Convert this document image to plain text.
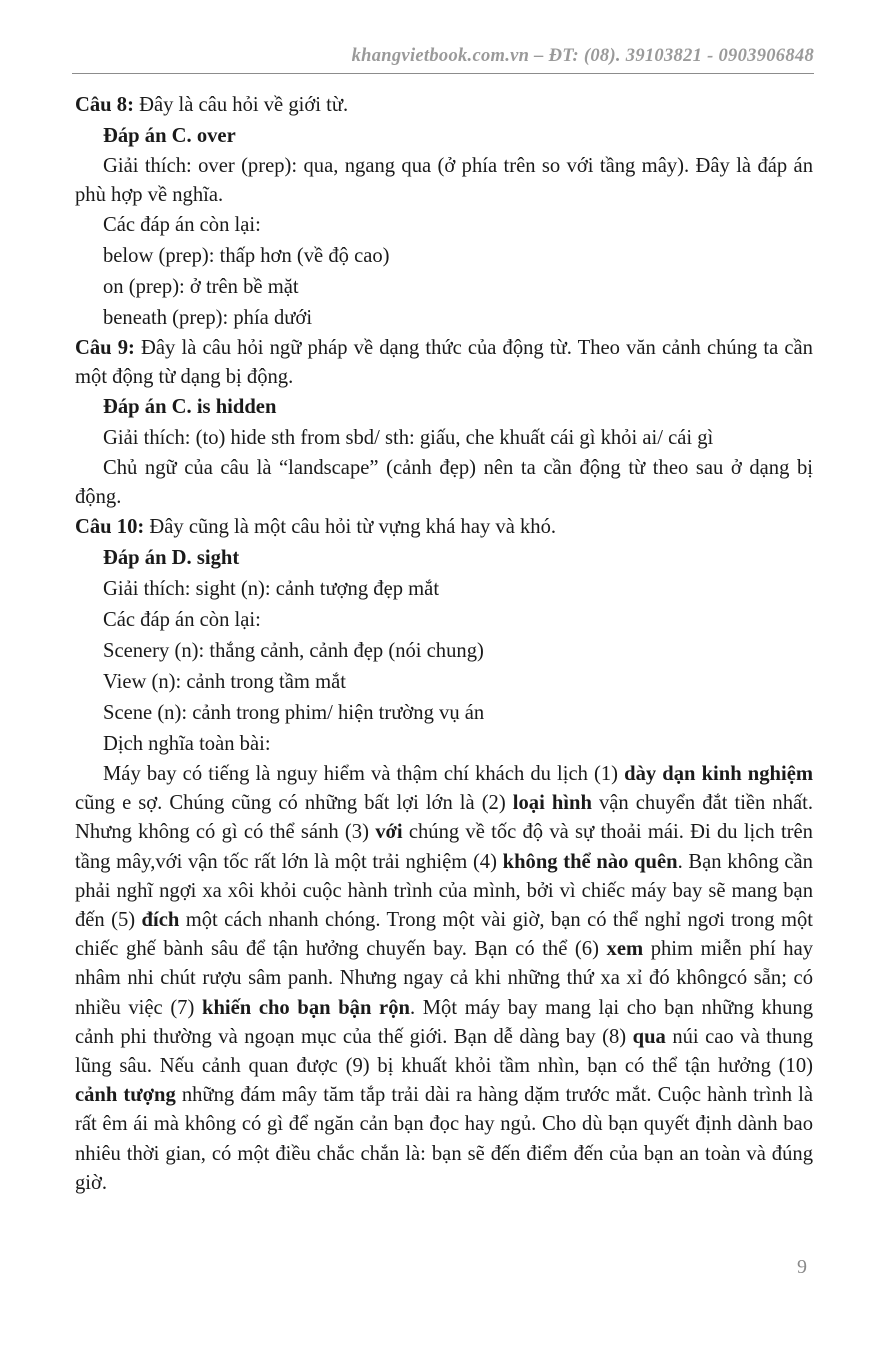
khangvietbook.com.vn – ĐT: (08). 39103821 - 0903906848

Câu 8: Đây là câu hỏi về giới từ.

Đáp án C. over

Giải thích: over (prep): qua, ngang qua (ở phía trên so với tầng mây). Đây là đáp án phù hợp về nghĩa.

Các đáp án còn lại:

below (prep): thấp hơn (về độ cao)

on (prep): ở trên bề mặt

beneath (prep): phía dưới

Câu 9: Đây là câu hỏi ngữ pháp về dạng thức của động từ. Theo văn cảnh chúng ta cần một động từ dạng bị động.

Đáp án C. is hidden

Giải thích: (to) hide sth from sbd/ sth: giấu, che khuất cái gì khỏi ai/ cái gì

Chủ ngữ của câu là “landscape” (cảnh đẹp) nên ta cần động từ theo sau ở dạng bị động.

Câu 10: Đây cũng là một câu hỏi từ vựng khá hay và khó.

Đáp án D. sight

Giải thích: sight (n): cảnh tượng đẹp mắt

Các đáp án còn lại:

Scenery (n): thắng cảnh, cảnh đẹp (nói chung)

View (n): cảnh trong tầm mắt

Scene (n): cảnh trong phim/ hiện trường vụ án

Dịch nghĩa toàn bài:

Máy bay có tiếng là nguy hiểm và thậm chí khách du lịch (1) dày dạn kinh nghiệm cũng e sợ. Chúng cũng có những bất lợi lớn là (2) loại hình vận chuyển đắt tiền nhất. Nhưng không có gì có thể sánh (3) với chúng về tốc độ và sự thoải mái. Đi du lịch trên tầng mây,với vận tốc rất lớn là một trải nghiệm (4) không thể nào quên. Bạn không cần phải nghĩ ngợi xa xôi khỏi cuộc hành trình của mình, bởi vì chiếc máy bay sẽ mang bạn đến (5) đích một cách nhanh chóng. Trong một vài giờ, bạn có thể nghỉ ngơi trong một chiếc ghế bành sâu để tận hưởng chuyến bay. Bạn có thể (6) xem phim miễn phí hay nhâm nhi chút rượu sâm panh. Nhưng ngay cả khi những thứ xa xỉ đó khôngcó sẵn; có nhiều việc (7) khiến cho bạn bận rộn. Một máy bay mang lại cho bạn những khung cảnh phi thường và ngoạn mục của thế giới. Bạn dễ dàng bay (8) qua núi cao và thung lũng sâu. Nếu cảnh quan được (9) bị khuất khỏi tầm nhìn, bạn có thể tận hưởng (10) cảnh tượng những đám mây tăm tắp trải dài ra hàng dặm trước mắt. Cuộc hành trình là rất êm ái mà không có gì để ngăn cản bạn đọc hay ngủ. Cho dù bạn quyết định dành bao nhiêu thời gian, có một điều chắc chắn là: bạn sẽ đến điểm đến của bạn an toàn và đúng giờ.

9
